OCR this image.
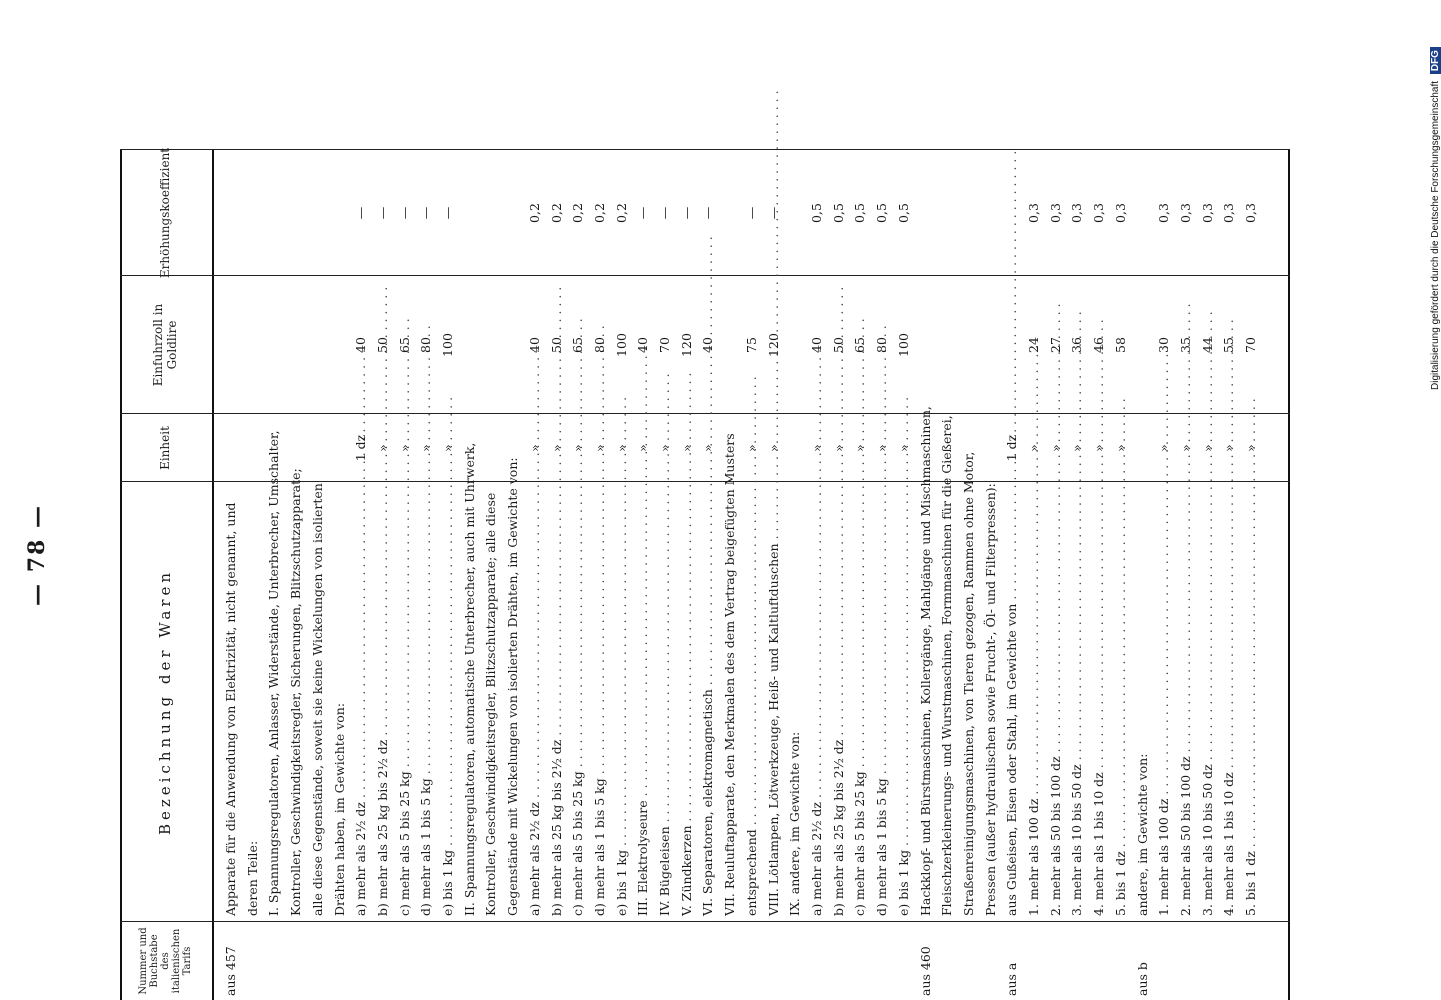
— 78 —
Nummer und Buchstabe des italienischen Tarifs
Bezeichnung der Waren
Einheit
Einfuhrzoll in Goldlire
Erhöhungskoeffizient
aus 457
Apparate für die Anwendung von Elektrizität, nicht genannt, und deren Teile: I. Spannungsregulatoren, Anlasser, Widerstände, Unterbrecher, Umschalter, Kontroller, Geschwindigkeitsregler, Sicherungen, Blitzschutzapparate; alle diese Gegenstände, soweit sie keine Wickelungen von isolierten Drähten haben, im Gewichte von: a) mehr als 2½ dz . . .
1 dz
40
—
b) mehr als 25 kg bis 2½ dz . . .
»
50
—
c) mehr als 5 bis 25 kg . . .
»
65
—
d) mehr als 1 bis 5 kg . . .
»
80
—
e) bis 1 kg . . .
»
100
—
II. Spannungsregulatoren, automatische Unterbrecher, auch mit Uhrwerk, Kontroller, Geschwindigkeitsregler, Blitzschutzapparate; alle diese Gegenstände mit Wickelungen von isolierten Drähten, im Gewichte von: a) mehr als 2½ dz . . .
»
40
0,2
b) mehr als 25 kg bis 2½ dz . . .
»
50
0,2
c) mehr als 5 bis 25 kg . . .
»
65
0,2
d) mehr als 1 bis 5 kg . . .
»
80
0,2
e) bis 1 kg . . .
»
100
0,2
III. Elektrolyseure . . .
»
40
—
IV. Bügeleisen . . .
»
70
—
V. Zündkerzen . . .
»
120
—
VI. Separatoren, elektromagnetisch . . .
»
40
—
VII. Reuluftapparate, den Merkmalen des dem Vertrag beigefügten Musters entsprechend . . .
»
75
—
VIII. Lötlampen, Lötwerkzeuge, Heiß- und Kaltluftduschen . . .
»
120
—
IX. andere, im Gewichte von: a) mehr als 2½ dz . . .
»
40
0,5
b) mehr als 25 kg bis 2½ dz . . .
»
50
0,5
c) mehr als 5 bis 25 kg . . .
»
65
0,5
d) mehr als 1 bis 5 kg . . .
»
80
0,5
e) bis 1 kg . . .
»
100
0,5
aus 460
Hackklopf- und Bürstmaschinen, Kollergänge, Mahlgänge und Mischmaschinen, Fleischzerkleinerungs- und Wurstmaschinen, Formmaschinen für die Gießerei, Straßenreinigungsmaschinen, von Tieren gezogen, Rammen ohne Motor, Pressen (außer hydraulischen sowie Frucht-, Öl- und Filterpressen):
aus a
aus Gußeisen, Eisen oder Stahl, im Gewichte von . . .
1 dz
1. mehr als 100 dz . . .
»
24
0,3
2. mehr als 50 bis 100 dz . . .
»
27
0,3
3. mehr als 10 bis 50 dz . . .
»
36
0,3
4. mehr als 1 bis 10 dz . . .
»
46
0,3
5. bis 1 dz . . .
»
58
0,3
aus b
andere, im Gewichte von: 1. mehr als 100 dz . . .
»
30
0,3
2. mehr als 50 bis 100 dz . . .
»
35
0,3
3. mehr als 10 bis 50 dz . . .
»
44
0,3
4. mehr als 1 bis 10 dz . . .
»
55
0,3
5. bis 1 dz . . .
»
70
0,3	Digitalisierung gefördert durch die Deutsche Forschungsgemeinschaft DFG
